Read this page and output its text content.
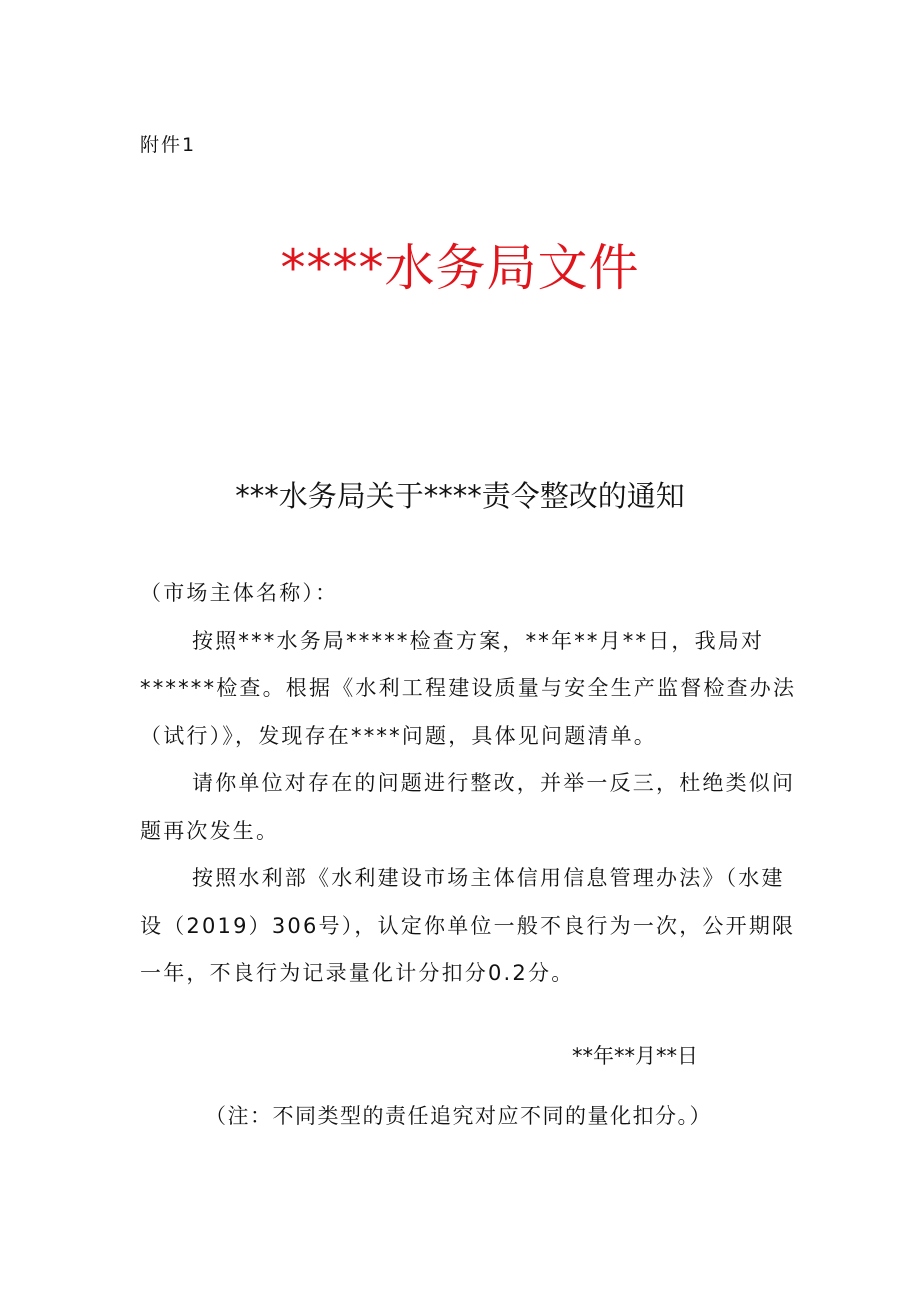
附件1
****水务局文件
***水务局关于****责令整改的通知

（市场主体名称）：

按照***水务局*****检查方案，**年**月**日，我局对******检查。根据《水利工程建设质量与安全生产监督检查办法（试行）》，发现存在****问题，具体见问题清单。

请你单位对存在的问题进行整改，并举一反三，杜绝类似问题再次发生。

按照水利部《水利建设市场主体信用信息管理办法》（水建设（2019）306号），认定你单位一般不良行为一次，公开期限一年，不良行为记录量化计分扣分0.2分。

**年**月**日
（注：不同类型的责任追究对应不同的量化扣分。）
